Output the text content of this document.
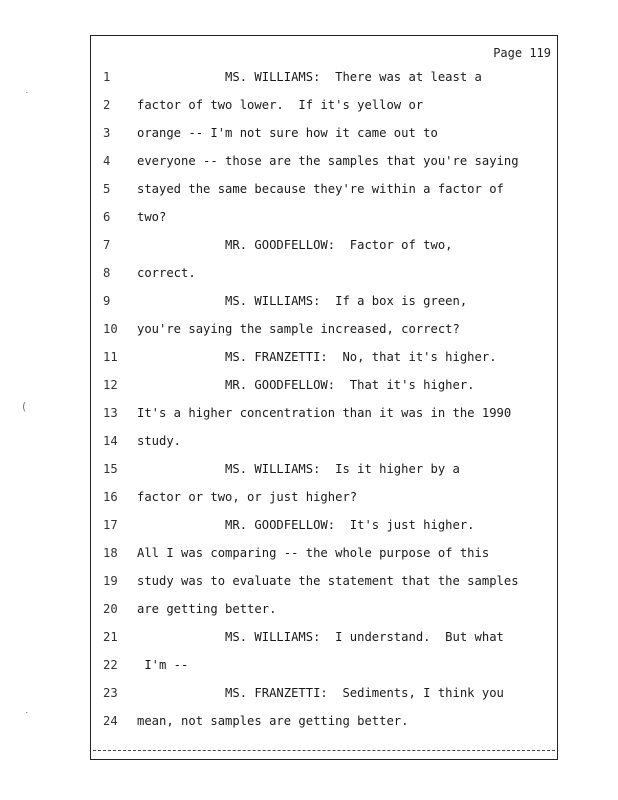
Page 119
1	MS. WILLIAMS:  There was at least a
2	factor of two lower.  If it's yellow or
3	orange -- I'm not sure how it came out to
4	everyone -- those are the samples that you're saying
5	stayed the same because they're within a factor of
6	two?
7	MR. GOODFELLOW:  Factor of two,
8	correct.
9	MS. WILLIAMS:  If a box is green,
10 you're saying the sample increased, correct?
11 MS. FRANZETTI:  No, that it's higher.
12 MR. GOODFELLOW:  That it's higher.
13 It's a higher concentration than it was in the 1990
14 study.
15 MS. WILLIAMS:  Is it higher by a
16 factor or two, or just higher?
17 MR. GOODFELLOW:  It's just higher.
18 All I was comparing -- the whole purpose of this
19 study was to evaluate the statement that the samples
20 are getting better.
21 MS. WILLIAMS:  I understand.  But what
22 I'm --
23 MS. FRANZETTI:  Sediments, I think you
24 mean, not samples are getting better.
˙
(
˙
